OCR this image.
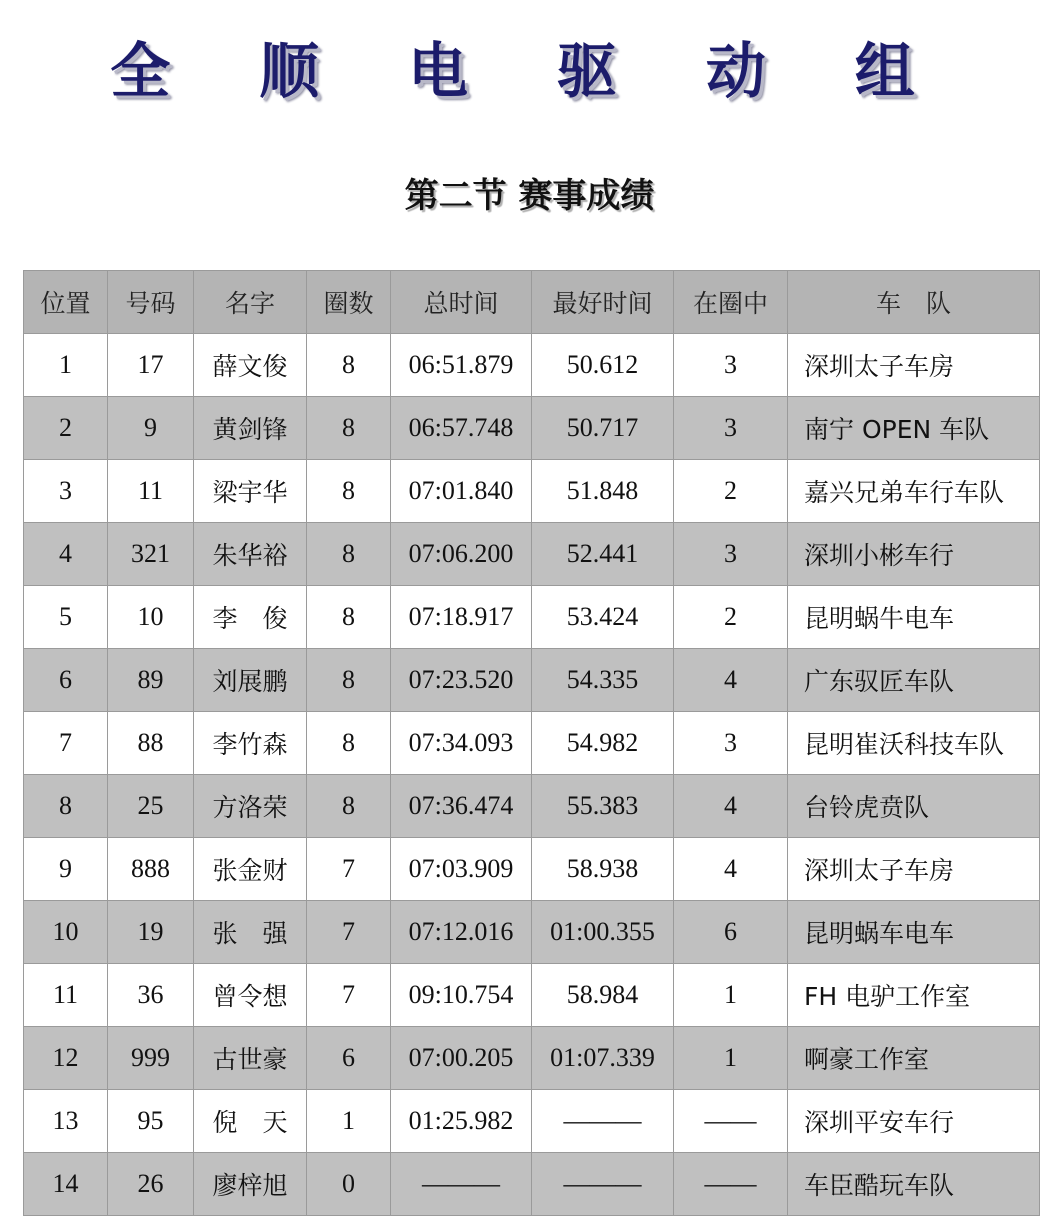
全 顺 电 驱 动 组
第二节 赛事成绩
位置	号码	名字	圈数	总时间	最好时间	在圈中	车　队
1	17	薛文俊	8	06:51.879	50.612	3	深圳太子车房
2	9	黄剑锋	8	06:57.748	50.717	3	南宁 OPEN 车队
3	11	梁宇华	8	07:01.840	51.848	2	嘉兴兄弟车行车队
4	321	朱华裕	8	07:06.200	52.441	3	深圳小彬车行
5	10	李　俊	8	07:18.917	53.424	2	昆明蜗牛电车
6	89	刘展鹏	8	07:23.520	54.335	4	广东驭匠车队
7	88	李竹森	8	07:34.093	54.982	3	昆明崔沃科技车队
8	25	方洛荣	8	07:36.474	55.383	4	台铃虎贲队
9	888	张金财	7	07:03.909	58.938	4	深圳太子车房
10	19	张　强	7	07:12.016	01:00.355	6	昆明蜗车电车
11	36	曾令想	7	09:10.754	58.984	1	FH 电驴工作室
12	999	古世豪	6	07:00.205	01:07.339	1	啊豪工作室
13	95	倪　天	1	01:25.982	———	——	深圳平安车行
14	26	廖梓旭	0	———	———	——	车臣酷玩车队
